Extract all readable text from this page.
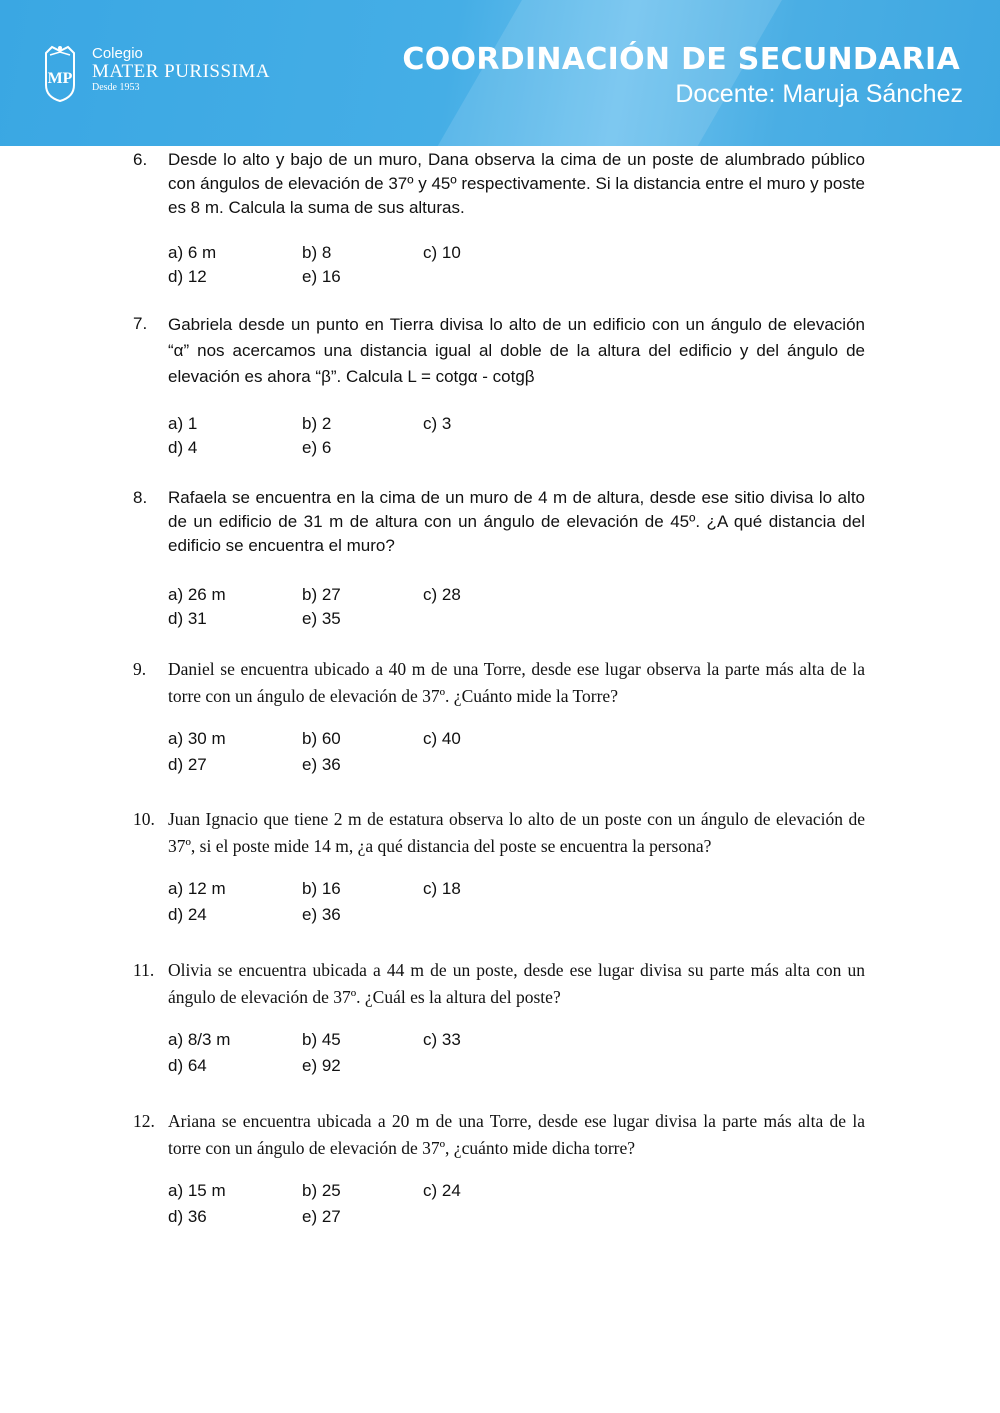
MP
Colegio
MATER PURISSIMA
Desde 1953
COORDINACIÓN DE SECUNDARIA
Docente: Maruja Sánchez
6. Desde lo alto y bajo de un muro, Dana observa la cima de un poste de alumbrado público con ángulos de elevación de 37º y 45º respectivamente. Si la distancia entre el muro y poste es 8 m. Calcula la suma de sus alturas.
a) 6 m	b) 8	c) 10
d) 12	e) 16
7. Gabriela desde un punto en Tierra divisa lo alto de un edificio con un ángulo de elevación “α” nos acercamos una distancia igual al doble de la altura del edificio y del ángulo de elevación es ahora “β”. Calcula L = cotgα - cotgβ
a) 1	b) 2	c) 3
d) 4	e) 6
8. Rafaela se encuentra en la cima de un muro de 4 m de altura, desde ese sitio divisa lo alto de un edificio de 31 m de altura con un ángulo de elevación de 45º. ¿A qué distancia del edificio se encuentra el muro?
a) 26 m	b) 27	c) 28
d) 31	e) 35
9. Daniel se encuentra ubicado a 40 m de una Torre, desde ese lugar observa la parte más alta de la torre con un ángulo de elevación de 37º. ¿Cuánto mide la Torre?
a) 30 m	b) 60	c) 40
d) 27	e) 36
10. Juan Ignacio que tiene 2 m de estatura observa lo alto de un poste con un ángulo de elevación de 37º, si el poste mide 14 m, ¿a qué distancia del poste se encuentra la persona?
a) 12 m	b) 16	c) 18
d) 24	e) 36
11. Olivia se encuentra ubicada a 44 m de un poste, desde ese lugar divisa su parte más alta con un ángulo de elevación de 37º. ¿Cuál es la altura del poste?
a) 8/3 m	b) 45	c) 33
d) 64	e) 92
12. Ariana se encuentra ubicada a 20 m de una Torre, desde ese lugar divisa la parte más alta de la torre con un ángulo de elevación de 37º, ¿cuánto mide dicha torre?
a) 15 m	b) 25	c) 24
d) 36	e) 27
